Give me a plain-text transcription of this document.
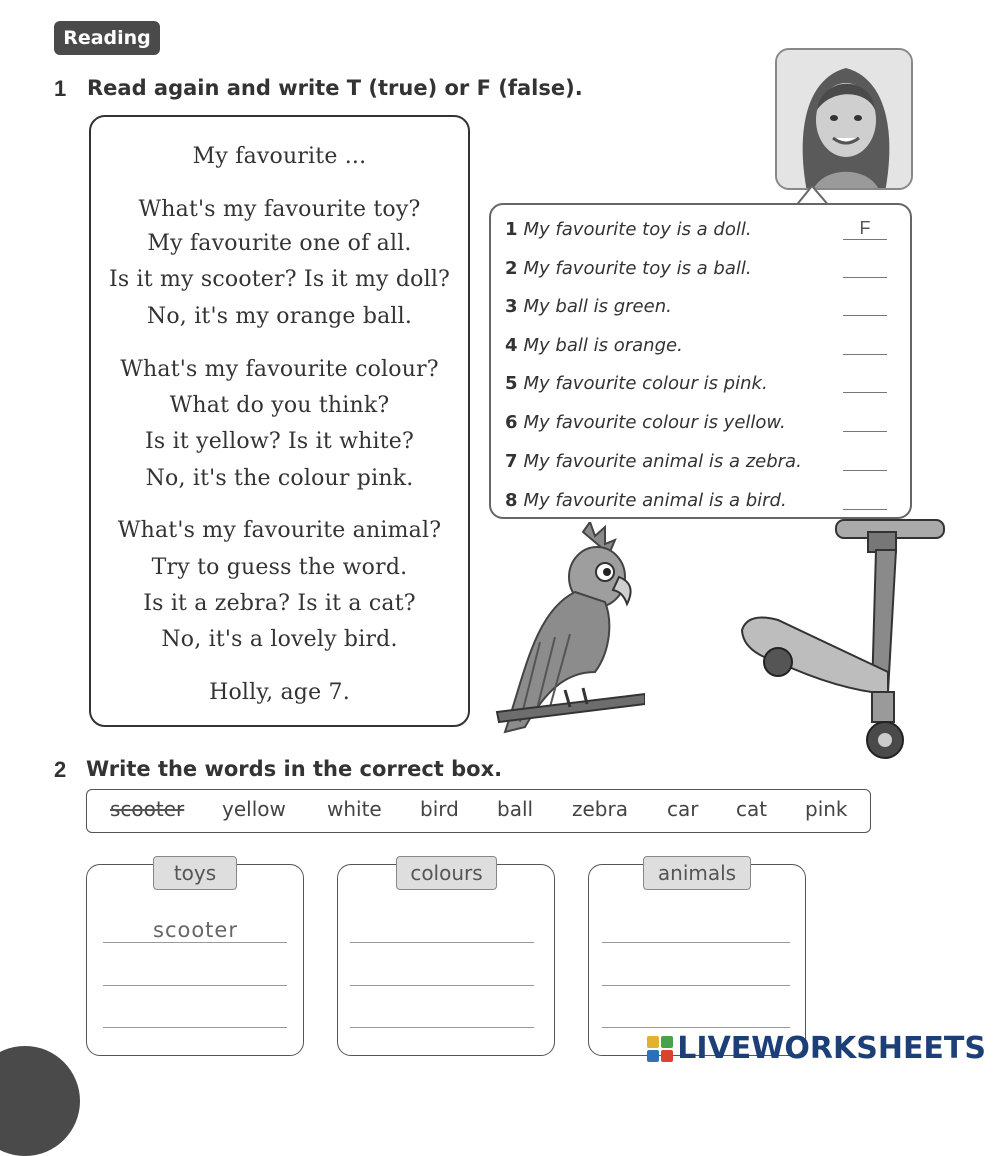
Reading
1 Read again and write T (true) or F (false).
My favourite ...
What's my favourite toy?
My favourite one of all.
Is it my scooter? Is it my doll?
No, it's my orange ball.
What's my favourite colour?
What do you think?
Is it yellow? Is it white?
No, it's the colour pink.
What's my favourite animal?
Try to guess the word.
Is it a zebra? Is it a cat?
No, it's a lovely bird.
Holly, age 7.
1 My favourite toy is a doll.	F
2 My favourite toy is a ball.
3 My ball is green.
4 My ball is orange.
5 My favourite colour is pink.
6 My favourite colour is yellow.
7 My favourite animal is a zebra.
8 My favourite animal is a bird.
2 Write the words in the correct box.
scooter yellow white bird ball zebra car cat pink
toys
scooter
colours	animals
LIVEWORKSHEETS
